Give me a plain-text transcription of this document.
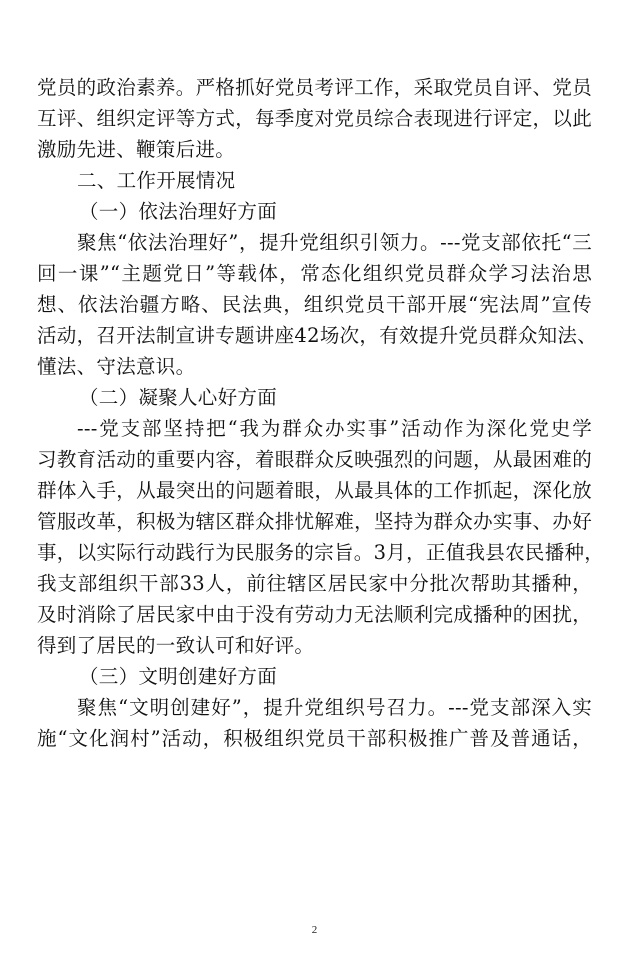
党员的政治素养。严格抓好党员考评工作，采取党员自评、党员
互评、组织定评等方式，每季度对党员综合表现进行评定，以此
激励先进、鞭策后进。
二、工作开展情况
（一）依法治理好方面
聚焦“依法治理好”，提升党组织引领力。---党支部依托“三
回一课”“主题党日”等载体，常态化组织党员群众学习法治思
想、依法治疆方略、民法典，组织党员干部开展“宪法周”宣传
活动，召开法制宣讲专题讲座42场次，有效提升党员群众知法、
懂法、守法意识。
（二）凝聚人心好方面
---党支部坚持把“我为群众办实事”活动作为深化党史学
习教育活动的重要内容，着眼群众反映强烈的问题，从最困难的
群体入手，从最突出的问题着眼，从最具体的工作抓起，深化放
管服改革，积极为辖区群众排忧解难，坚持为群众办实事、办好
事，以实际行动践行为民服务的宗旨。3月，正值我县农民播种，
我支部组织干部33人，前往辖区居民家中分批次帮助其播种，
及时消除了居民家中由于没有劳动力无法顺利完成播种的困扰，
得到了居民的一致认可和好评。
（三）文明创建好方面
聚焦“文明创建好”，提升党组织号召力。---党支部深入实
施“文化润村”活动，积极组织党员干部积极推广普及普通话，
2
